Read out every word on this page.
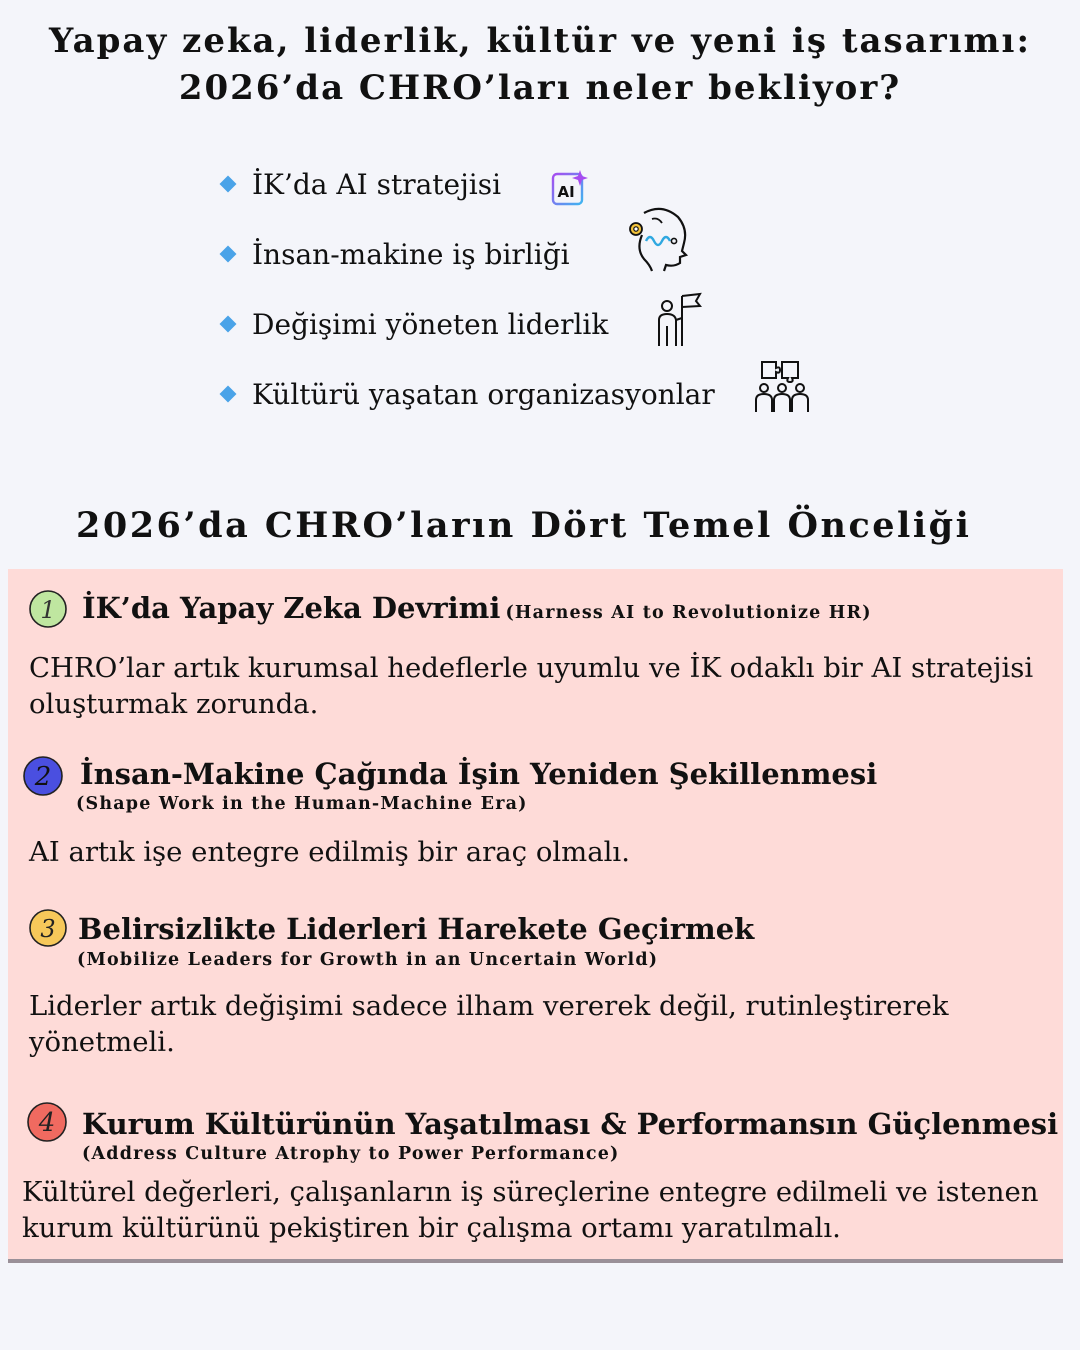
Yapay zeka, liderlik, kültür ve yeni iş tasarımı:
2026’da CHRO’ları neler bekliyor?
İK’da AI stratejisi
İnsan-makine iş birliği
Değişimi yöneten liderlik
Kültürü yaşatan organizasyonlar
AI
2026’da CHRO’ların Dört Temel Önceliği
1 İK’da Yapay Zeka Devrimi (Harness AI to Revolutionize HR)
CHRO’lar artık kurumsal hedeflerle uyumlu ve İK odaklı bir AI stratejisi
oluşturmak zorunda.
2 İnsan-Makine Çağında İşin Yeniden Şekillenmesi
(Shape Work in the Human-Machine Era)
AI artık işe entegre edilmiş bir araç olmalı.
3 Belirsizlikte Liderleri Harekete Geçirmek
(Mobilize Leaders for Growth in an Uncertain World)
Liderler artık değişimi sadece ilham vererek değil, rutinleştirerek
yönetmeli.
4 Kurum Kültürünün Yaşatılması & Performansın Güçlenmesi
(Address Culture Atrophy to Power Performance)
Kültürel değerleri, çalışanların iş süreçlerine entegre edilmeli ve istenen
kurum kültürünü pekiştiren bir çalışma ortamı yaratılmalı.
